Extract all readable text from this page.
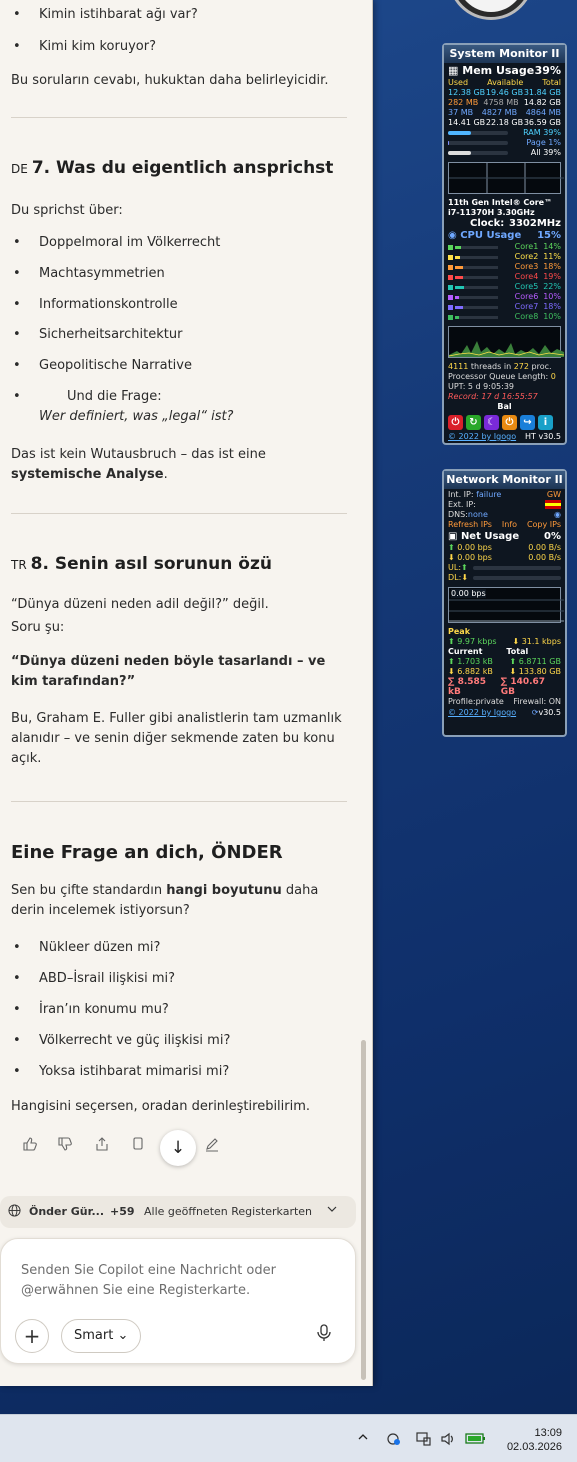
• Kimin istihbarat ağı var?
• Kimi kim koruyor?
Bu soruların cevabı, hukuktan daha belirleyicidir.
DE 7. Was du eigentlich ansprichst
Du sprichst über:
• Doppelmoral im Völkerrecht
• Machtasymmetrien
• Informationskontrolle
• Sicherheitsarchitektur
• Geopolitische Narrative
• Und die Frage:
Wer definiert, was „legal“ ist?
Das ist kein Wutausbruch – das ist eine systemische Analyse.
TR 8. Senin asıl sorunun özü
“Dünya düzeni neden adil değil?” değil.
Soru şu:
“Dünya düzeni neden böyle tasarlandı – ve kim tarafından?”
Bu, Graham E. Fuller gibi analistlerin tam uzmanlık alanıdır – ve senin diğer sekmende zaten bu konu açık.
Eine Frage an dich, ÖNDER
Sen bu çifte standardın hangi boyutunu daha derin incelemek istiyorsun?
• Nükleer düzen mi?
• ABD–İsrail ilişkisi mi?
• İran’ın konumu mu?
• Völkerrecht ve güç ilişkisi mi?
• Yoksa istihbarat mimarisi mi?
Hangisini seçersen, oradan derinleştirebilirim.
↓
Önder Gür... +59 Alle geöffneten Registerkarten
Senden Sie Copilot eine Nachricht oder @erwähnen Sie eine Registerkarte.
+	Smart ⌄
System Monitor II
▦ Mem Usage 39%
Used Available Total
12.38 GB 19.46 GB 31.84 GB
282 MB 4758 MB 14.82 GB
37 MB 4827 MB 4864 MB
14.41 GB 22.18 GB 36.59 GB
RAM 39%
Page 1%
All 39%
11th Gen Intel® Core™ i7-11370H 3.30GHz
Clock: 3302MHz
◉ CPU Usage 15%
Core1 14%
Core2 11%
Core3 18%
Core4 19%
Core5 22%
Core6 10%
Core7 18%
Core8 10%
4111 threads in 272 proc.
Processor Queue Length: 0
UPT: 5 d 9:05:39
Record: 17 d 16:55:57
Bal
⏻ ↻ ☾ ⏻ ↪	i
© 2022 by Igogo HT v30.5
Network Monitor II
Int. IP: failure	GW
Ext. IP:
DNS:none	◉
Refresh IPs Info Copy IPs
▣ Net Usage 0%
⬆ 0.00 bps	0.00 B/s
⬇ 0.00 bps	0.00 B/s
UL:⬆
DL:⬇
0.00 bps
Peak
⬆ 9.97 kbps ⬇ 31.1 kbps
Current	Total
⬆ 1.703 kB ⬆ 6.8711 GB
⬇ 6.882 kB ⬇ 133.80 GB
∑ 8.585 kB
∑ 140.67 GB
Profile:private Firewall: ON
© 2022 by Igogo ⟳v30.5
13:09
02.03.2026
